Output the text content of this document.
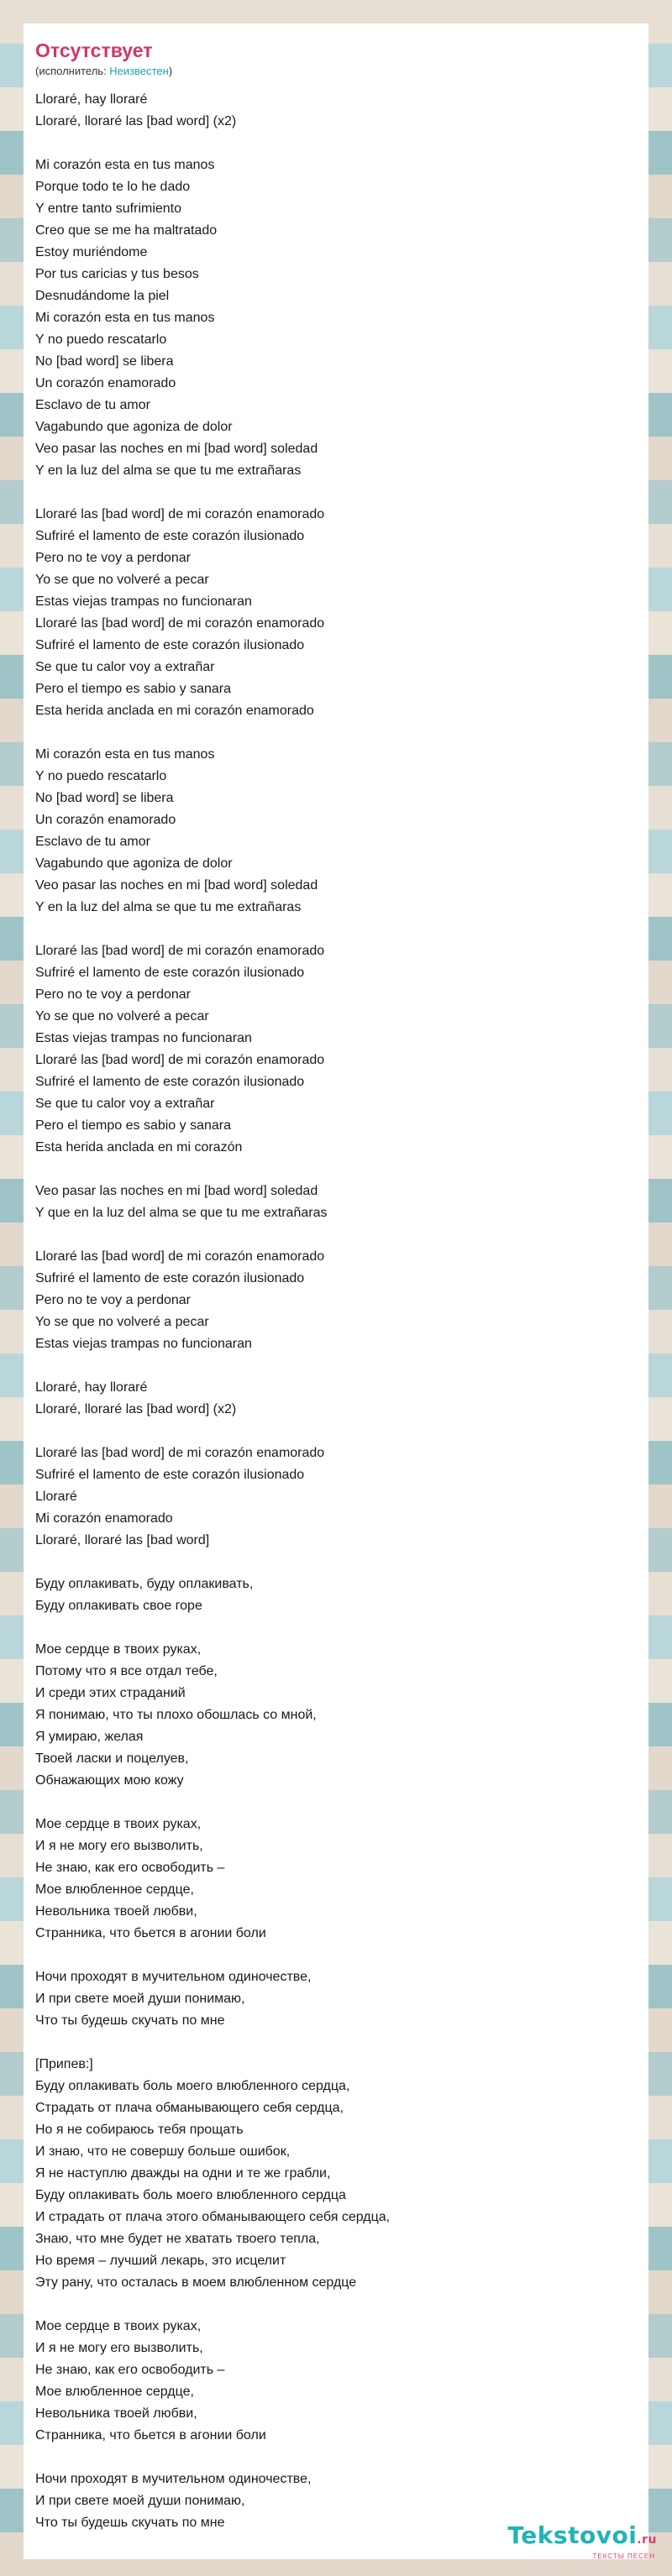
Отсутствует
(исполнитель: Неизвестен)
Lloraré, hay lloraré
Lloraré, lloraré las [bad word] (x2)
Mi corazón esta en tus manos
Porque todo te lo he dado
Y entre tanto sufrimiento
Creo que se me ha maltratado
Estoy muriéndome
Por tus caricias y tus besos
Desnudándome la piel
Mi corazón esta en tus manos
Y no puedo rescatarlo
No [bad word] se libera
Un corazón enamorado
Esclavo de tu amor
Vagabundo que agoniza de dolor
Veo pasar las noches en mi [bad word] soledad
Y en la luz del alma se que tu me extrañaras
Lloraré las [bad word] de mi corazón enamorado
Sufriré el lamento de este corazón ilusionado
Pero no te voy a perdonar
Yo se que no volveré a pecar
Estas viejas trampas no funcionaran
Lloraré las [bad word] de mi corazón enamorado
Sufriré el lamento de este corazón ilusionado
Se que tu calor voy a extrañar
Pero el tiempo es sabio y sanara
Esta herida anclada en mi corazón enamorado
Mi corazón esta en tus manos
Y no puedo rescatarlo
No [bad word] se libera
Un corazón enamorado
Esclavo de tu amor
Vagabundo que agoniza de dolor
Veo pasar las noches en mi [bad word] soledad
Y en la luz del alma se que tu me extrañaras
Lloraré las [bad word] de mi corazón enamorado
Sufriré el lamento de este corazón ilusionado
Pero no te voy a perdonar
Yo se que no volveré a pecar
Estas viejas trampas no funcionaran
Lloraré las [bad word] de mi corazón enamorado
Sufriré el lamento de este corazón ilusionado
Se que tu calor voy a extrañar
Pero el tiempo es sabio y sanara
Esta herida anclada en mi corazón
Veo pasar las noches en mi [bad word] soledad
Y que en la luz del alma se que tu me extrañaras
Lloraré las [bad word] de mi corazón enamorado
Sufriré el lamento de este corazón ilusionado
Pero no te voy a perdonar
Yo se que no volveré a pecar
Estas viejas trampas no funcionaran
Lloraré, hay lloraré
Lloraré, lloraré las [bad word] (x2)
Lloraré las [bad word] de mi corazón enamorado
Sufriré el lamento de este corazón ilusionado
Lloraré
Mi corazón enamorado
Lloraré, lloraré las [bad word]
Буду оплакивать, буду оплакивать,
Буду оплакивать свое горе
Мое сердце в твоих руках,
Потому что я все отдал тебе,
И среди этих страданий
Я понимаю, что ты плохо обошлась со мной,
Я умираю, желая
Твоей ласки и поцелуев,
Обнажающих мою кожу
Мое сердце в твоих руках,
И я не могу его вызволить,
Не знаю, как его освободить –
Мое влюбленное сердце,
Невольника твоей любви,
Странника, что бьется в агонии боли
Ночи проходят в мучительном одиночестве,
И при свете моей души понимаю,
Что ты будешь скучать по мне
[Припев:]
Буду оплакивать боль моего влюбленного сердца,
Страдать от плача обманывающего себя сердца,
Но я не собираюсь тебя прощать
И знаю, что не совершу больше ошибок,
Я не наступлю дважды на одни и те же грабли,
Буду оплакивать боль моего влюбленного сердца
И страдать от плача этого обманывающего себя сердца,
Знаю, что мне будет не хватать твоего тепла,
Но время – лучший лекарь, это исцелит
Эту рану, что осталась в моем влюбленном сердце
Мое сердце в твоих руках,
И я не могу его вызволить,
Не знаю, как его освободить –
Мое влюбленное сердце,
Невольника твоей любви,
Странника, что бьется в агонии боли
Ночи проходят в мучительном одиночестве,
И при свете моей души понимаю,
Что ты будешь скучать по мне	Tekstovoi.ru
ТЕКСТЫ ПЕСЕН
